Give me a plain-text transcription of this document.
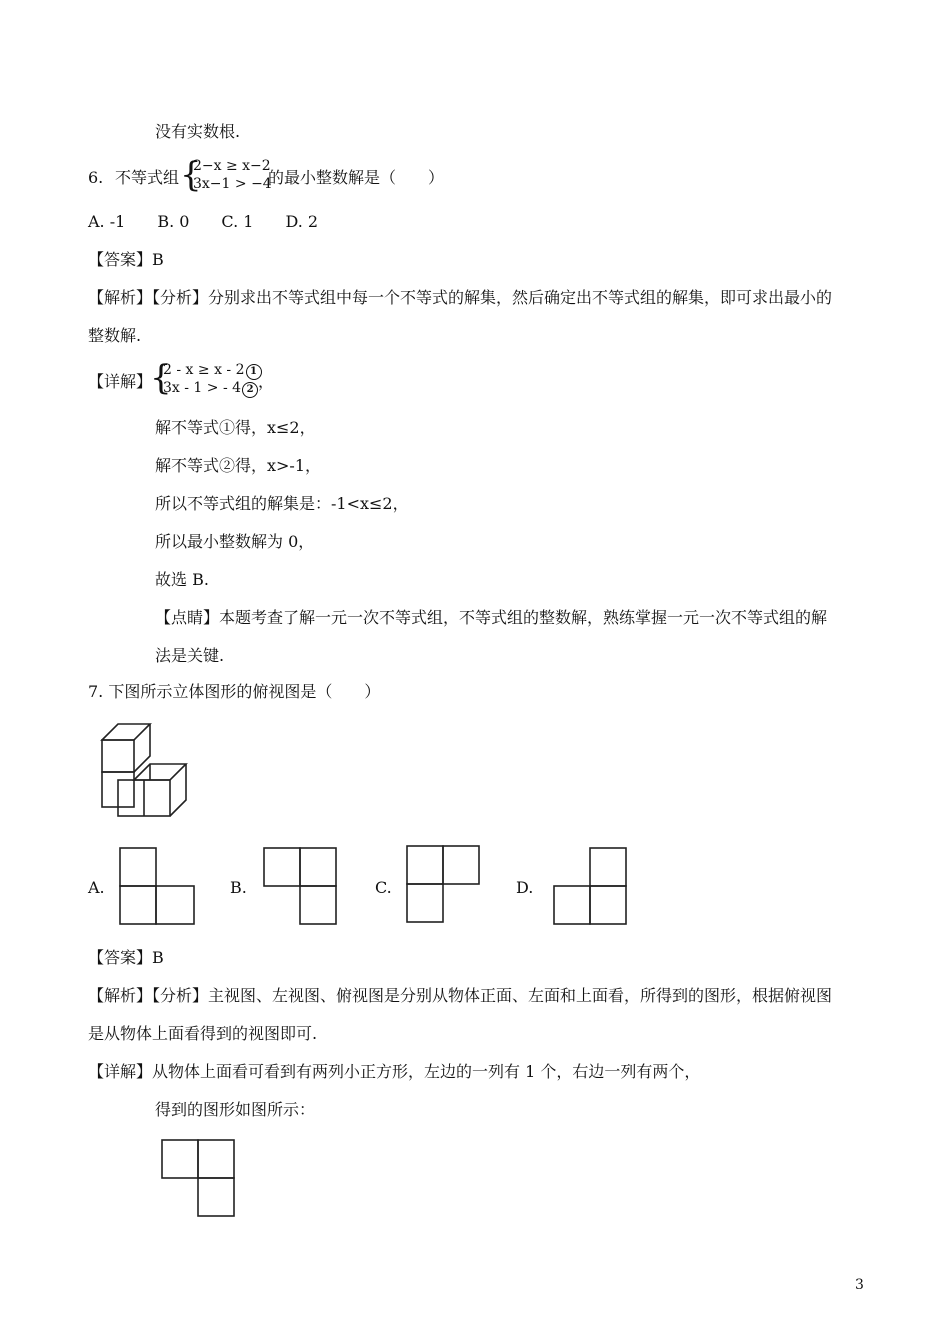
没有实数根.
6. 不等式组 {
2−x ≥ x−2
3x−1 > −4
的最小整数解是（　　）
A. -1　　B. 0　　C. 1　　D. 2
【答案】B
【解析】【分析】分别求出不等式组中每一个不等式的解集，然后确定出不等式组的解集，即可求出最小的
整数解.
【详解】
{
2 - x ≥ x - 2 1
3x - 1 > - 4 2 ，
解不等式①得，x≤2，
解不等式②得，x>-1，
所以不等式组的解集是：-1<x≤2，
所以最小整数解为 0，
故选 B.
【点睛】本题考查了解一元一次不等式组，不等式组的整数解，熟练掌握一元一次不等式组的解
法是关键.
7. 下图所示立体图形的俯视图是（　　）
A.	B.	C.	D.
【答案】B
【解析】【分析】主视图、左视图、俯视图是分别从物体正面、左面和上面看，所得到的图形，根据俯视图
是从物体上面看得到的视图即可.
【详解】从物体上面看可看到有两列小正方形，左边的一列有 1 个，右边一列有两个，
得到的图形如图所示：
3
